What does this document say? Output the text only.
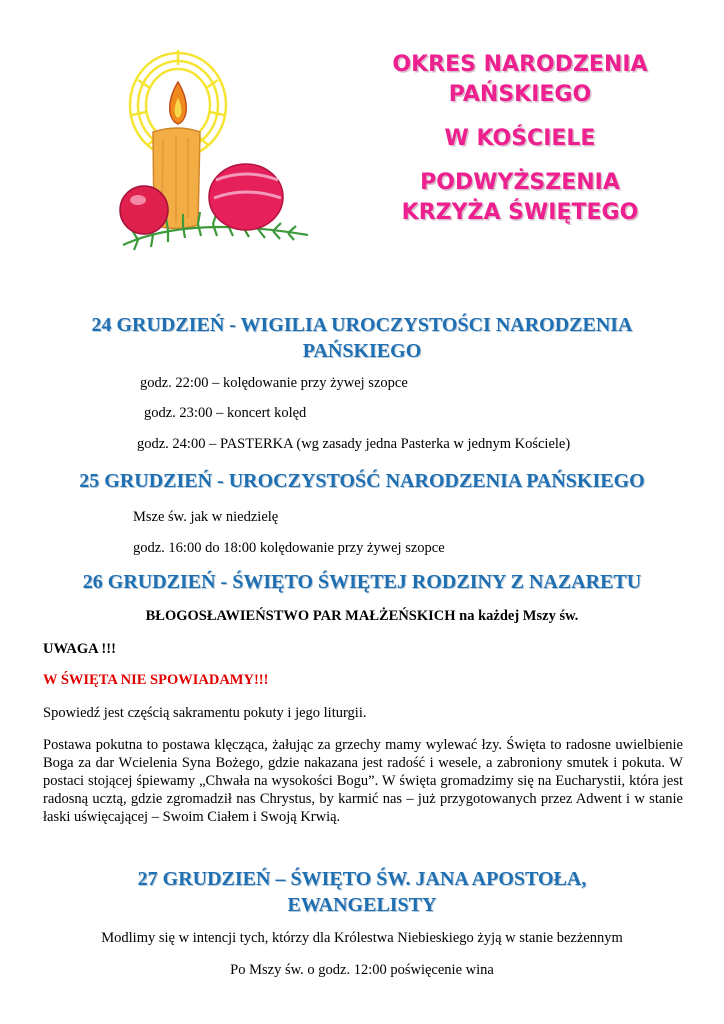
OKRES NARODZENIA
PAŃSKIEGO
W KOŚCIELE
PODWYŻSZENIA
KRZYŻA ŚWIĘTEGO
24 GRUDZIEŃ - WIGILIA UROCZYSTOŚCI NARODZENIA
PAŃSKIEGO
godz. 22:00 – kolędowanie przy żywej szopce
godz. 23:00 – koncert kolęd
godz. 24:00 – PASTERKA (wg zasady jedna Pasterka w jednym Kościele)
25 GRUDZIEŃ - UROCZYSTOŚĆ NARODZENIA PAŃSKIEGO
Msze św. jak w niedzielę
godz. 16:00 do 18:00 kolędowanie przy żywej szopce
26 GRUDZIEŃ - ŚWIĘTO ŚWIĘTEJ RODZINY Z NAZARETU
BŁOGOSŁAWIEŃSTWO PAR MAŁŻEŃSKICH na każdej Mszy św.
UWAGA !!!
W ŚWIĘTA NIE SPOWIADAMY!!!
Spowiedź jest częścią sakramentu pokuty i jego liturgii.
Postawa pokutna to postawa klęcząca, żałując za grzechy mamy wylewać łzy. Święta to radosne uwielbienie Boga za dar Wcielenia Syna Bożego, gdzie nakazana jest radość i wesele, a zabroniony smutek i pokuta. W postaci stojącej śpiewamy „Chwała na wysokości Bogu”. W święta gromadzimy się na Eucharystii, która jest radosną ucztą, gdzie zgromadził nas Chrystus, by karmić nas – już przygotowanych przez Adwent i w stanie łaski uświęcającej – Swoim Ciałem i Swoją Krwią.
27 GRUDZIEŃ – ŚWIĘTO ŚW. JANA APOSTOŁA,
EWANGELISTY
Modlimy się w intencji tych, którzy dla Królestwa Niebieskiego żyją w stanie bezżennym
Po Mszy św. o godz. 12:00 poświęcenie wina
